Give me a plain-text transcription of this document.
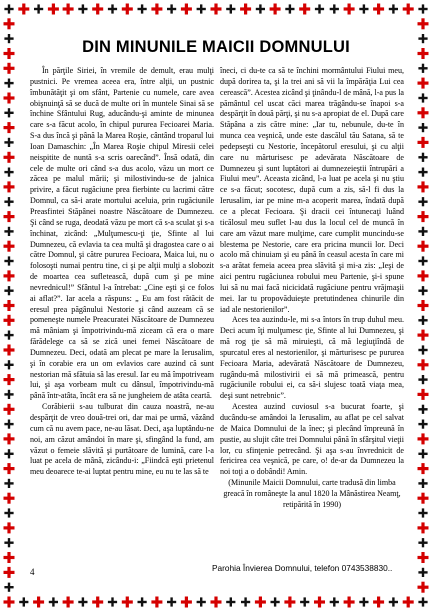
DIN MINUNILE MAICII DOMNULUI

În părţile Siriei, în vremile de demult, erau mulţi pustnici. Pe vremea aceea era, între alţii, un pustnic îmbunătăţit şi om sfânt, Partenie cu numele, care avea obişnuinţă să se ducă de multe ori în muntele Sinai să se închine Sfântului Rug, aducându-şi aminte de minunea care s-a făcut acolo, în chipul pururea Fecioarei Maria. S-a dus încă şi până la Marea Roşie, cântând troparul lui Ioan Damaschin: „În Marea Roşie chipul Miresii celei neispitite de nuntă s-a scris oarecând”. Însă odată, din cele de multe ori când s-a dus acolo, văzu un mort ce zăcea pe malul mării; şi milostivindu-se de jalnica privire, a făcut rugăciune prea fierbinte cu lacrimi către Domnul, ca să-i arate mortului aceluia, prin rugăciunile Preasfintei Stăpânei noastre Născătoare de Dumnezeu. Şi când se ruga, deodată văzu pe mort că s-a sculat şi s-a închinat, zicând: „Mulţumescu-ţi ţie, Sfinte al lui Dumnezeu, că evlavia ta cea multă şi dragostea care o ai către Domnul, şi către pururea Fecioara, Maica lui, nu o folosoşti numai pentru tine, ci şi pe alţii mulţi a slobozit de moartea cea sufletească, după cum şi pe mine nevrednicul!” Sfântul l-a întrebat: „Cine eşti şi ce folos ai aflat?”. Iar acela a răspuns: „ Eu am fost rătăcit de eresul prea păgânului Nestorie şi când auzeam că se pomeneşte numele Preacuratei Născătoare de Dumnezeu mă mâniam şi împotrivindu-mă ziceam că era o mare fărădelege ca să se zică unei femei Născătoare de Dumnezeu. Deci, odată am plecat pe mare la Ierusalim, şi în corabie era un om evlavios care auzind că sunt nestorian mă sfătuia să las eresul. Iar eu mă împotriveam lui, şi aşa vorbeam mult cu dânsul, împotrivindu-mă până într-atâta, încât era să ne jungheiem de atâta ceartă.

Corăbierii s-au tulburat din cauza noastră, ne-au despărţit de vreo două-trei ori, dar mai pe urmă, văzând cum că nu avem pace, ne-au lăsat. Deci, aşa luptându-ne noi, am căzut amândoi în mare şi, sfingând la fund, am văzut o femeie slăvită şi purtătoare de lumină, care l-a luat pe acela de mână, zicându-i: „Fiindcă eşti prietenul meu deoarece te-ai luptat pentru mine, eu nu te las să te

îneci, ci du-te ca să te închini mormântului Fiului meu, după dorirea ta, şi la trei ani să vii la împărăţia Lui cea cerească”. Acestea zicând şi ţinându-l de mână, l-a pus la pământul cel uscat căci marea trăgându-se înapoi s-a despărţit în două părţi, şi nu s-a apropiat de el. După care Stăpâna a zis către mine: „Iar tu, nebunule, du-te în munca cea veşnică, unde este dascălul tău Satana, să te pedepseşti cu Nestorie, începătorul eresului, şi cu alţii care nu mărturisesc pe adevărata Născătoare de Dumnezeu şi sunt luptători ai dumnezeieştii întrupări a Fiului meu”. Aceasta zicând, l-a luat pe acela şi nu ştiu ce s-a făcut; socotesc, după cum a zis, să-l fi dus la Ierusalim, iar pe mine m-a acoperit marea, îndată după ce a plecat Fecioara. Şi dracii cei întunecaţi luând ticălosul meu suflet l-au dus la locul cel de muncă în care am văzut mare mulţime, care cumplit muncindu-se blestema pe Nestorie, care era pricina muncii lor. Deci acolo mă chinuiam şi eu până în ceasul acesta în care mi s-a arătat femeia aceea prea slăvită şi mi-a zis: „Ieşi de aici pentru rugăciunea robului meu Partenie, şi-i spune lui să nu mai facă nicicidată rugăciune pentru vrăjmaşii mei. Iar tu propovăduieşte pretutindenea chinurile din iad ale nestorienilor”.

Aces tea auzindu-le, mi s-a întors în trup duhul meu. Deci acum îţi mulţumesc ţie, Sfinte al lui Dumnezeu, şi mă rog ţie să mă miruieşti, că mă legiuţiîndă de spurcatul eres al nestorienilor, şi mărturisesc pe pururea Fecioara Maria, adevărată Născătoare de Dumnezeu, rugându-mă milostivirii ei să mă primească, pentru rugăciunile robului ei, ca să-i slujesc toată viaţa mea, deşi sunt netrebnic”.

Acestea auzind cuviosul s-a bucurat foarte, şi ducându-se amândoi la Ierusalim, au aflat pe cel salvat de Maica Domnului de la înec; şi plecând împreună în pustie, au slujit câte trei Domnului până în sfârşitul vieţii lor, cu sfinţenie petrecând. Şi aşa s-au învrednicit de fericirea cea veşnică, pe care, o! de-ar da Dumnezeu la noi toţi a o dobândi! Amin.

(Minunile Maicii Domnului, carte tradusă din limba greacă în româneşte la anul 1820 la Mânăstirea Neamţ, retipărită în 1990)

4	Parohia Învierea Domnului, telefon 0743538830..
